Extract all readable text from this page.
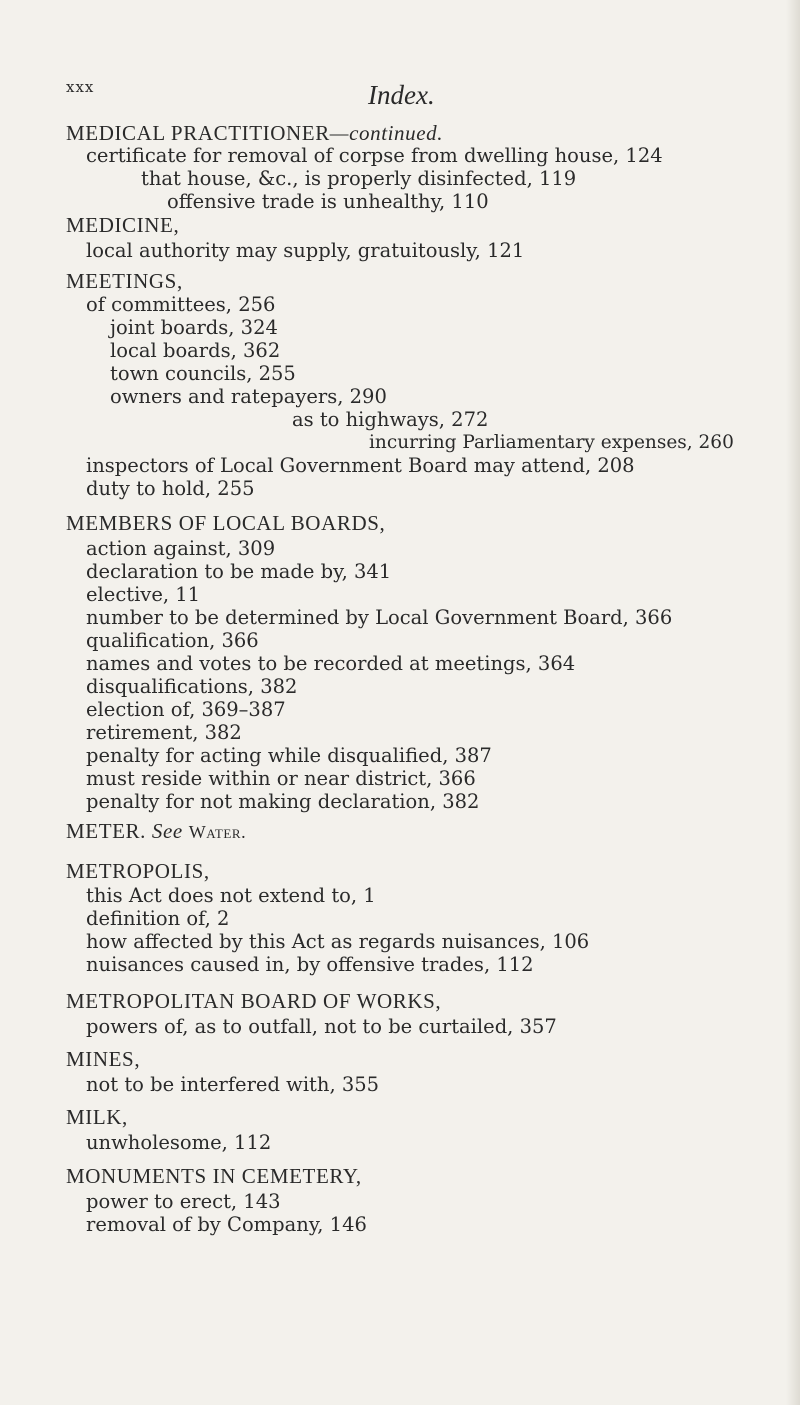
xxx	Index.
MEDICAL PRACTITIONER—continued.
certificate for removal of corpse from dwelling house, 124
that house, &c., is properly disinfected, 119
offensive trade is unhealthy, 110
MEDICINE,
local authority may supply, gratuitously, 121
MEETINGS,
of committees, 256
joint boards, 324
local boards, 362
town councils, 255
owners and ratepayers, 290
as to highways, 272
incurring Parliamentary expenses, 260
inspectors of Local Government Board may attend, 208
duty to hold, 255
MEMBERS OF LOCAL BOARDS,
action against, 309
declaration to be made by, 341
elective, 11
number to be determined by Local Government Board, 366
qualification, 366
names and votes to be recorded at meetings, 364
disqualifications, 382
election of, 369–387
retirement, 382
penalty for acting while disqualified, 387
must reside within or near district, 366
penalty for not making declaration, 382
METER. See Water.
METROPOLIS,
this Act does not extend to, 1
definition of, 2
how affected by this Act as regards nuisances, 106
nuisances caused in, by offensive trades, 112
METROPOLITAN BOARD OF WORKS,
powers of, as to outfall, not to be curtailed, 357
MINES,
not to be interfered with, 355
MILK,
unwholesome, 112
MONUMENTS IN CEMETERY,
power to erect, 143
removal of by Company, 146
